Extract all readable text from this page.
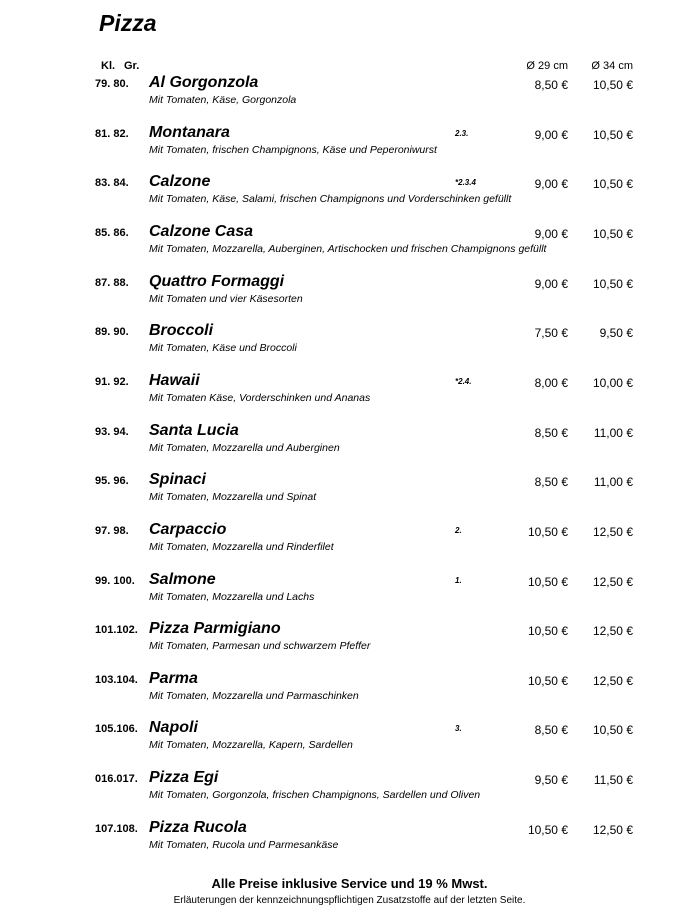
Pizza
Kl. Gr.	Ø 29 cm Ø 34 cm
79. 80.	Al Gorgonzola
Mit Tomaten, Käse, Gorgonzola
8,50 € 10,50 €
81. 82.	Montanara
Mit Tomaten, frischen Champignons, Käse und Peperoniwurst
2.3.	9,00 € 10,50 €
83. 84.	Calzone
Mit Tomaten, Käse, Salami, frischen Champignons und Vorderschinken gefüllt
*2.3.4	9,00 € 10,50 €
85. 86.	Calzone Casa
Mit Tomaten, Mozzarella, Auberginen, Artischocken und frischen Champignons gefüllt
9,00 € 10,50 €
87. 88.	Quattro Formaggi
Mit Tomaten und vier Käsesorten
9,00 € 10,50 €
89. 90.	Broccoli
Mit Tomaten, Käse und Broccoli
7,50 €	9,50 €
91. 92.	Hawaii
Mit Tomaten Käse, Vorderschinken und Ananas
*2.4.	8,00 € 10,00 €
93. 94.	Santa Lucia
Mit Tomaten, Mozzarella und Auberginen
8,50 € 11,00 €
95. 96.	Spinaci
Mit Tomaten, Mozzarella und Spinat
8,50 € 11,00 €
97. 98.	Carpaccio
Mit Tomaten, Mozzarella und Rinderfilet
2.	10,50 € 12,50 €
99. 100. Salmone
Mit Tomaten, Mozzarella und Lachs
1.	10,50 € 12,50 €
101.102. Pizza Parmigiano
Mit Tomaten, Parmesan und schwarzem Pfeffer
10,50 € 12,50 €
103.104. Parma
Mit Tomaten, Mozzarella und Parmaschinken
10,50 € 12,50 €
105.106. Napoli
Mit Tomaten, Mozzarella, Kapern, Sardellen
3.	8,50 € 10,50 €
016.017. Pizza Egi
Mit Tomaten, Gorgonzola, frischen Champignons, Sardellen und Oliven
9,50 € 11,50 €
107.108. Pizza Rucola
Mit Tomaten, Rucola und Parmesankäse
10,50 € 12,50 €
Alle Preise inklusive Service und 19 % Mwst.
Erläuterungen der kennzeichnungspflichtigen Zusatzstoffe auf der letzten Seite.
